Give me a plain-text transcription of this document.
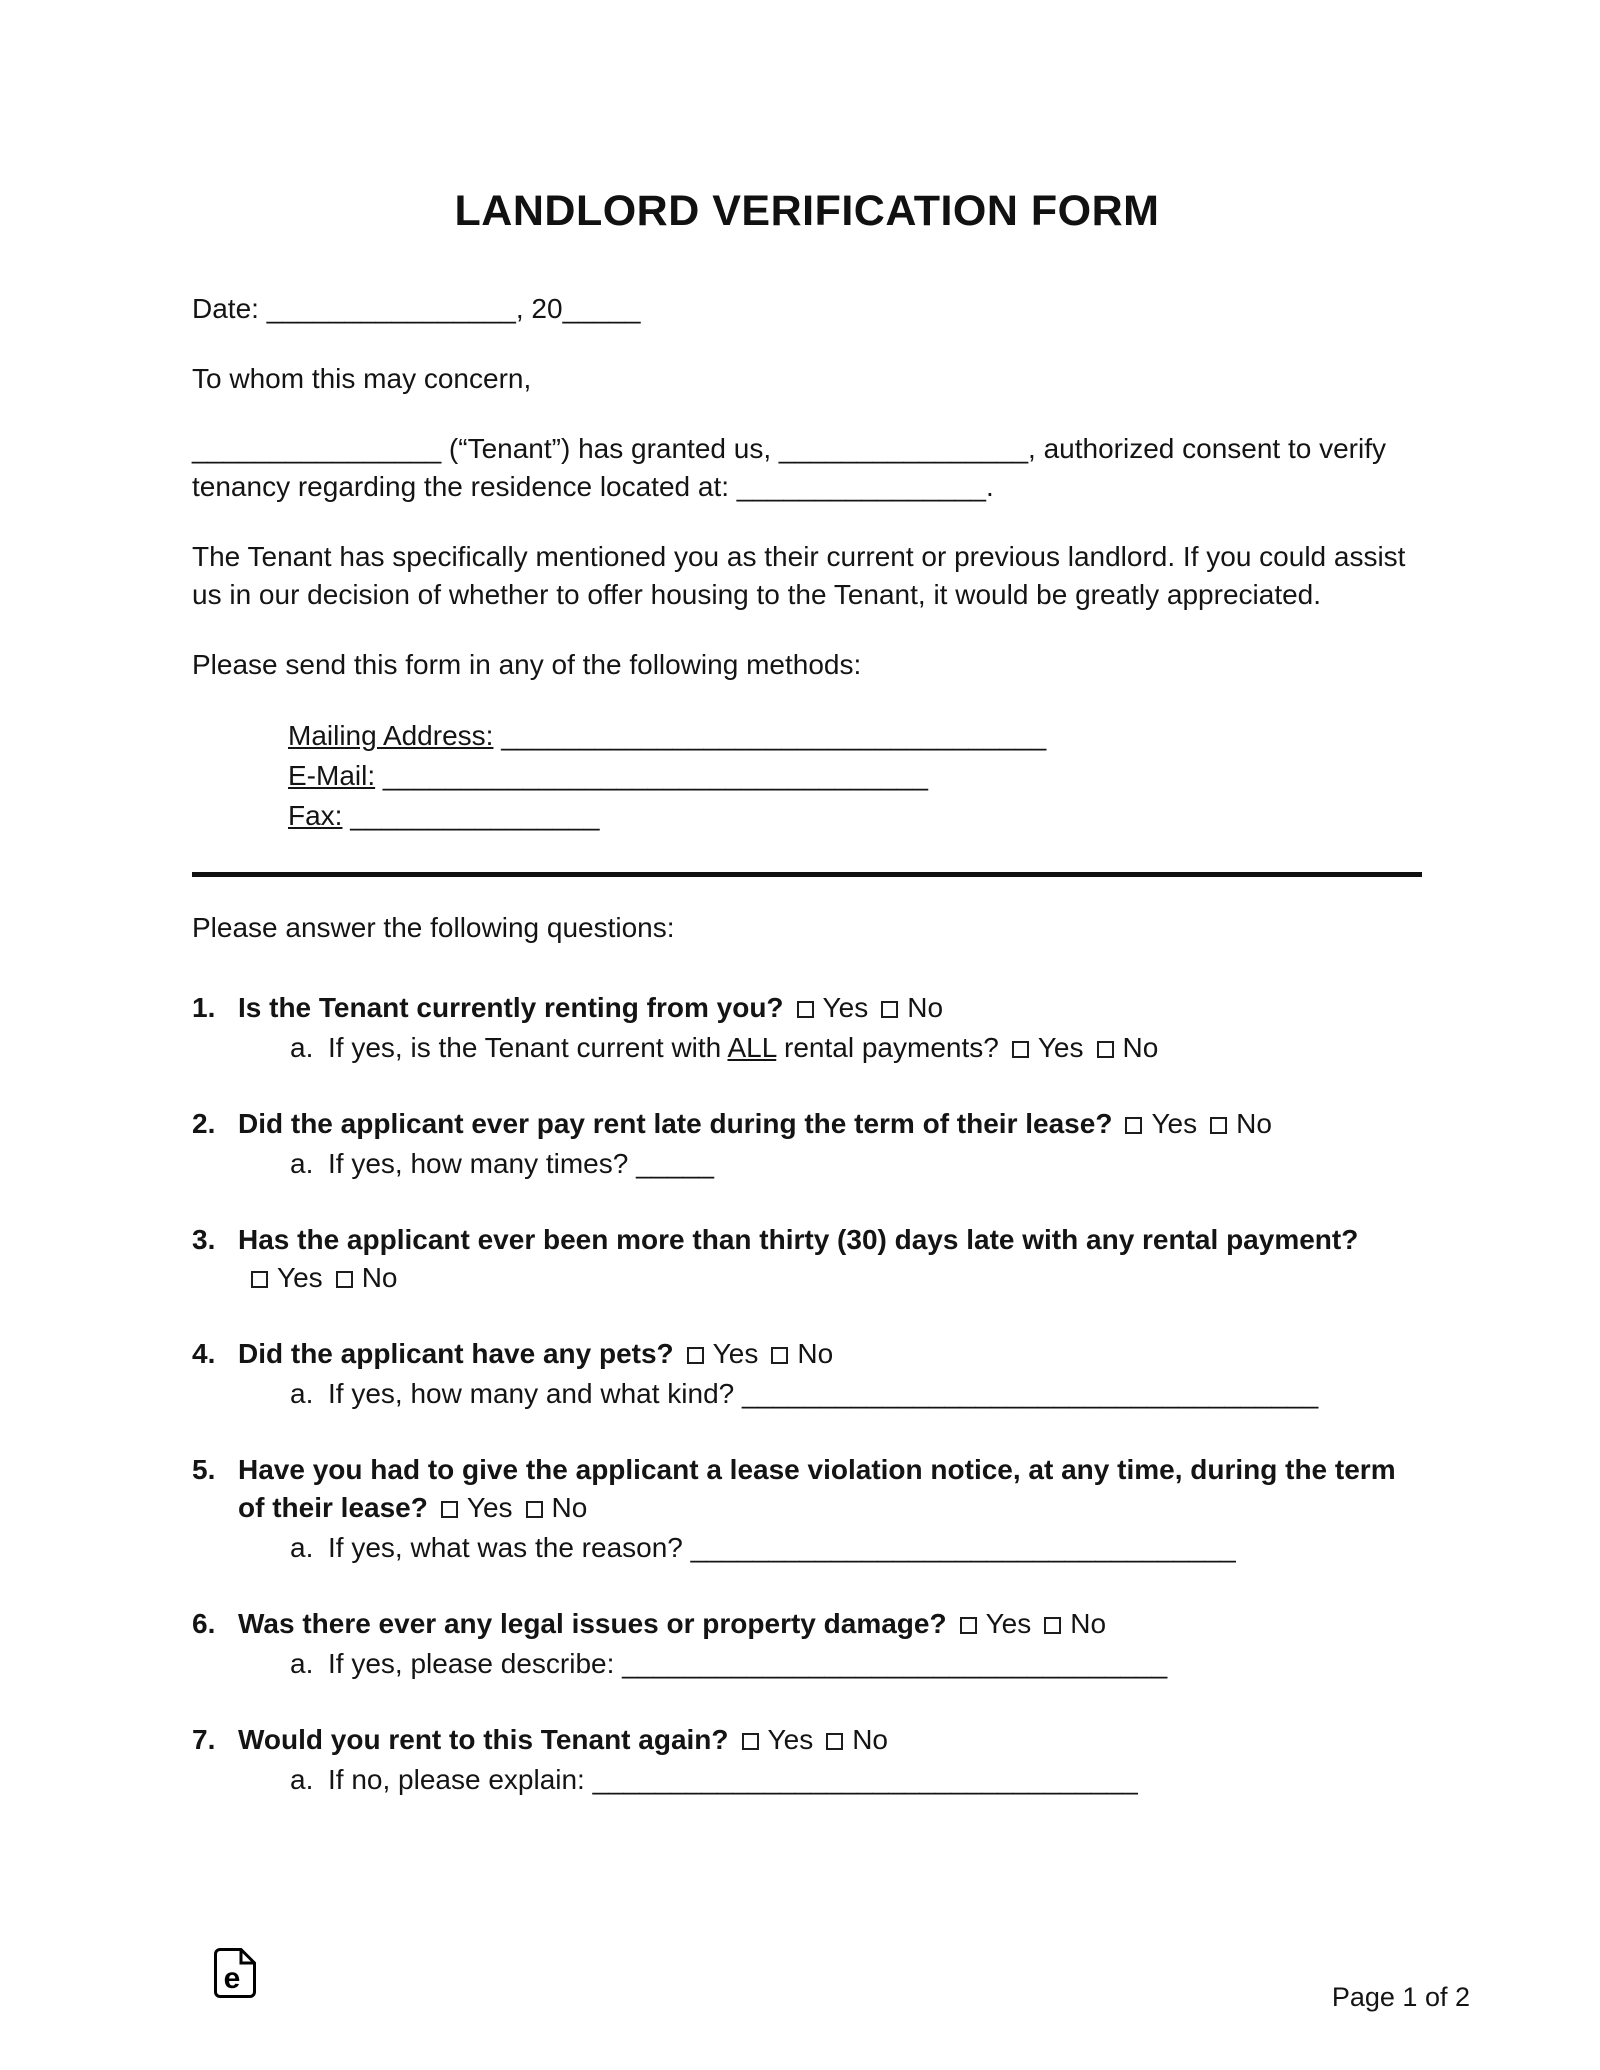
LANDLORD VERIFICATION FORM

Date: ________________, 20_____

To whom this may concern,

________________ (“Tenant”) has granted us, ________________, authorized consent to verify tenancy regarding the residence located at: ________________.

The Tenant has specifically mentioned you as their current or previous landlord. If you could assist us in our decision of whether to offer housing to the Tenant, it would be greatly appreciated.

Please send this form in any of the following methods:

Mailing Address: ___________________________________

E-Mail: ___________________________________

Fax: ________________

Please answer the following questions:

1. Is the Tenant currently renting from you? Yes No

a. If yes, is the Tenant current with ALL rental payments? Yes No

2. Did the applicant ever pay rent late during the term of their lease? Yes No

a. If yes, how many times? _____

3. Has the applicant ever been more than thirty (30) days late with any rental payment?Yes No

4. Did the applicant have any pets? Yes No

a. If yes, how many and what kind? _____________________________________

5. Have you had to give the applicant a lease violation notice, at any time, during the term of their lease? Yes No

a. If yes, what was the reason? ___________________________________

6. Was there ever any legal issues or property damage? Yes No

a. If yes, please describe: ___________________________________

7. Would you rent to this Tenant again? Yes No

a. If no, please explain: ___________________________________

e
Page 1 of 2
